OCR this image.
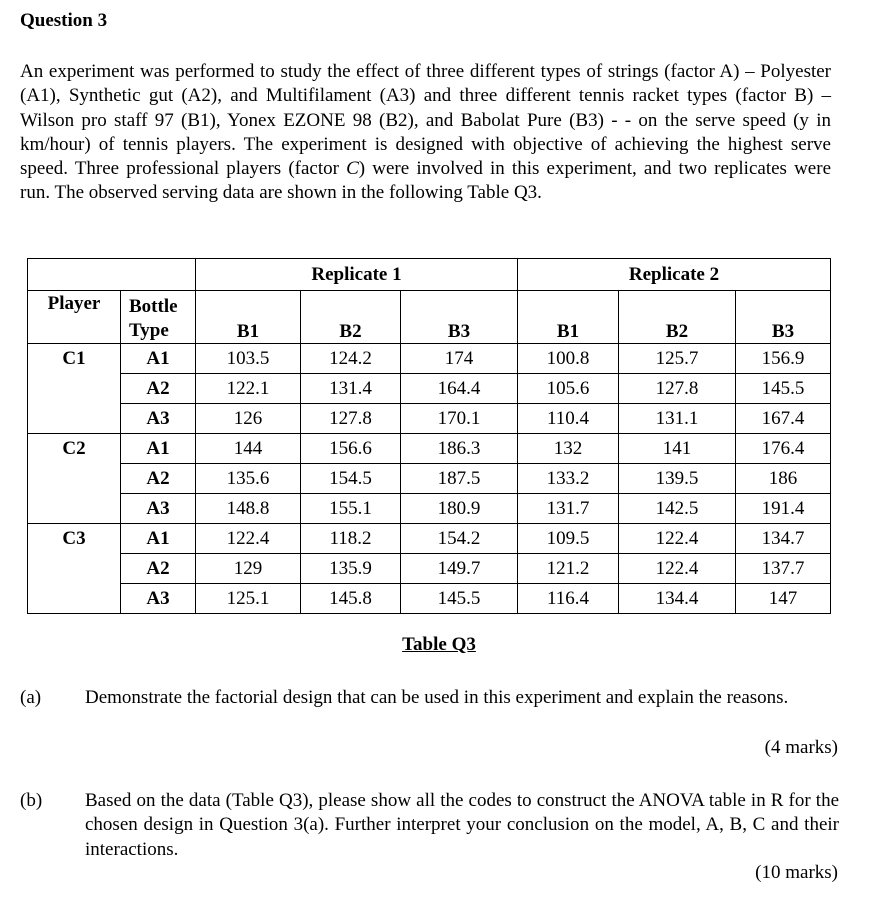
Question 3
An experiment was performed to study the effect of three different types of strings (factor A) – Polyester (A1), Synthetic gut (A2), and Multifilament (A3) and three different tennis racket types (factor B) – Wilson pro staff 97 (B1), Yonex EZONE 98 (B2), and Babolat Pure (B3) - - on the serve speed (y in km/hour) of tennis players. The experiment is designed with objective of achieving the highest serve speed. Three professional players (factor C) were involved in this experiment, and two replicates were run. The observed serving data are shown in the following Table Q3.
		Replicate 1			Replicate 2		
Player	Bottle Type	B1	B2	B3	B1	B2	B3
C1	A1	103.5	124.2	174	100.8	125.7	156.9
	A2	122.1	131.4	164.4	105.6	127.8	145.5
	A3	126	127.8	170.1	110.4	131.1	167.4
C2	A1	144	156.6	186.3	132	141	176.4
	A2	135.6	154.5	187.5	133.2	139.5	186
	A3	148.8	155.1	180.9	131.7	142.5	191.4
C3	A1	122.4	118.2	154.2	109.5	122.4	134.7
	A2	129	135.9	149.7	121.2	122.4	137.7
	A3	125.1	145.8	145.5	116.4	134.4	147
Table Q3
(a) Demonstrate the factorial design that can be used in this experiment and explain the reasons.
(4 marks)
(b) Based on the data (Table Q3), please show all the codes to construct the ANOVA table in R for the chosen design in Question 3(a). Further interpret your conclusion on the model, A, B, C and their interactions.
(10 marks)
